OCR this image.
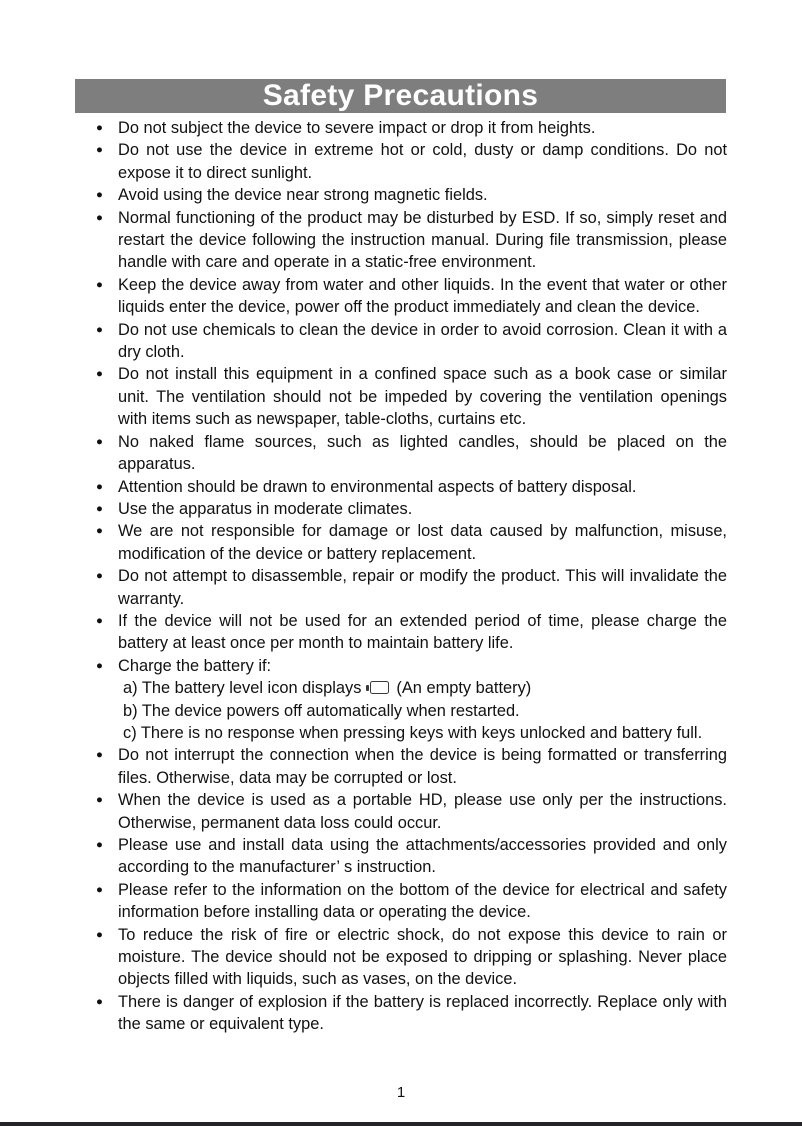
Safety Precautions
● Do not subject the device to severe impact or drop it from heights.
● Do not use the device in extreme hot or cold, dusty or damp conditions. Do not expose it to direct sunlight.
● Avoid using the device near strong magnetic fields.
● Normal functioning of the product may be disturbed by ESD. If so, simply reset and restart the device following the instruction manual. During file transmission, please handle with care and operate in a static-free environment.
● Keep the device away from water and other liquids. In the event that water or other liquids enter the device, power off the product immediately and clean the device.
● Do not use chemicals to clean the device in order to avoid corrosion. Clean it with a dry cloth.
● Do not install this equipment in a confined space such as a book case or similar unit. The ventilation should not be impeded by covering the ventilation openings with items such as newspaper, table-cloths, curtains etc.
● No naked flame sources, such as lighted candles, should be placed on the apparatus.
● Attention should be drawn to environmental aspects of battery disposal.
● Use the apparatus in moderate climates.
● We are not responsible for damage or lost data caused by malfunction, misuse, modification of the device or battery replacement.
● Do not attempt to disassemble, repair or modify the product. This will invalidate the warranty.
● If the device will not be used for an extended period of time, please charge the battery at least once per month to maintain battery life.
● Charge the battery if:
a) The battery level icon displays (An empty battery)
b) The device powers off automatically when restarted.
c) There is no response when pressing keys with keys unlocked and battery full.
● Do not interrupt the connection when the device is being formatted or transferring files. Otherwise, data may be corrupted or lost.
● When the device is used as a portable HD, please use only per the instructions. Otherwise, permanent data loss could occur.
● Please use and install data using the attachments/accessories provided and only according to the manufacturer’ s instruction.
● Please refer to the information on the bottom of the device for electrical and safety information before installing data or operating the device.
● To reduce the risk of fire or electric shock, do not expose this device to rain or moisture. The device should not be exposed to dripping or splashing. Never place objects filled with liquids, such as vases, on the device.
● There is danger of explosion if the battery is replaced incorrectly. Replace only with the same or equivalent type.
1
